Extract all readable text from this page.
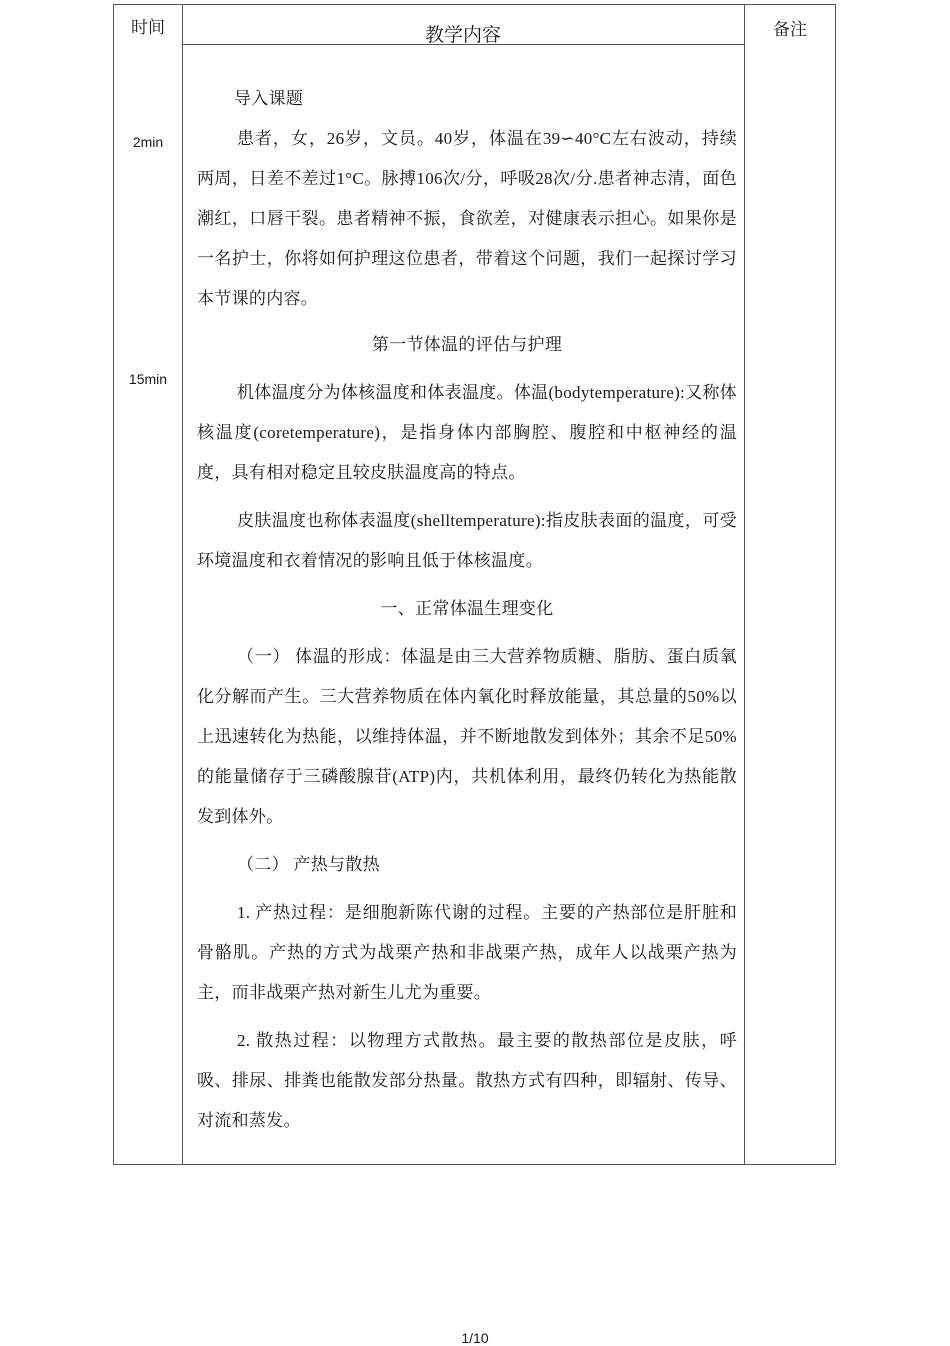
时间	教学内容	备注
2min
15min

导入课题

患者，女，26岁，文员。40岁，体温在39∽40°C左右波动，持续两周，日差不差过1°C。脉搏106次/分，呼吸28次/分.患者神志清，面色潮红，口唇干裂。患者精神不振，食欲差，对健康表示担心。如果你是一名护士，你将如何护理这位患者，带着这个问题，我们一起探讨学习本节课的内容。

第一节体温的评估与护理

机体温度分为体核温度和体表温度。体温(bodytemperature):又称体核温度(coretemperature)，是指身体内部胸腔、腹腔和中枢神经的温度，具有相对稳定且较皮肤温度高的特点。

皮肤温度也称体表温度(shelltemperature):指皮肤表面的温度，可受环境温度和衣着情况的影响且低于体核温度。

一、正常体温生理变化

（一） 体温的形成：体温是由三大营养物质糖、脂肪、蛋白质氧化分解而产生。三大营养物质在体内氧化时释放能量，其总量的50%以上迅速转化为热能，以维持体温，并不断地散发到体外；其余不足50%的能量储存于三磷酸腺苷(ATP)内，共机体利用，最终仍转化为热能散发到体外。

（二） 产热与散热

1. 产热过程：是细胞新陈代谢的过程。主要的产热部位是肝脏和骨骼肌。产热的方式为战栗产热和非战栗产热，成年人以战栗产热为主，而非战栗产热对新生儿尤为重要。

2. 散热过程：以物理方式散热。最主要的散热部位是皮肤，呼吸、排尿、排粪也能散发部分热量。散热方式有四种，即辐射、传导、对流和蒸发。

1/10
